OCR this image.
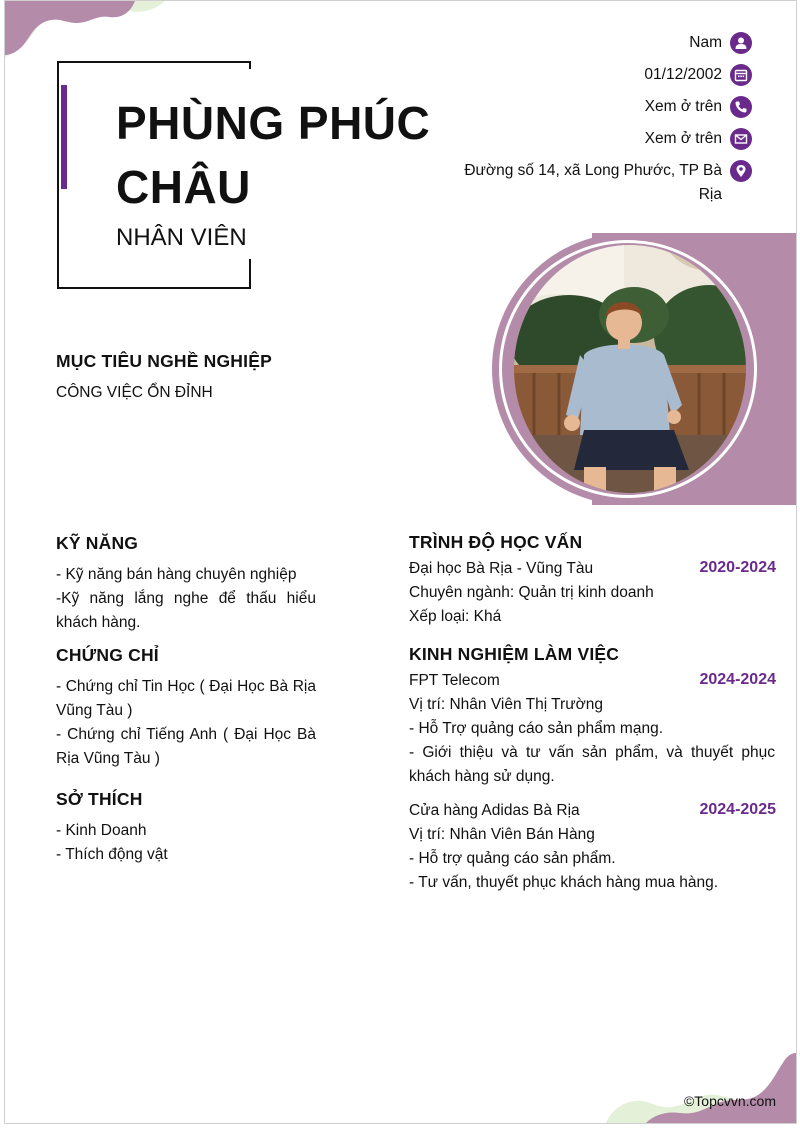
PHÙNG PHÚC CHÂU
NHÂN VIÊN
Nam
01/12/2002
Xem ở trên
Xem ở trên
Đường số 14, xã Long Phước, TP Bà Rịa
MỤC TIÊU NGHỀ NGHIỆP
CÔNG VIỆC ỔN ĐỈNH
KỸ NĂNG
- Kỹ năng bán hàng chuyên nghiệp
-Kỹ năng lắng nghe để thấu hiểu khách hàng.
CHỨNG CHỈ
- Chứng chỉ Tin Học ( Đại Học Bà Rịa Vũng Tàu )
- Chứng chỉ Tiếng Anh ( Đại Học Bà Rịa Vũng Tàu )
SỞ THÍCH
- Kinh Doanh
- Thích động vật
TRÌNH ĐỘ HỌC VẤN
Đại học Bà Rịa - Vũng Tàu	2020-2024
Chuyên ngành: Quản trị kinh doanh
Xếp loại: Khá
KINH NGHIỆM LÀM VIỆC
FPT Telecom	2024-2024
Vị trí: Nhân Viên Thị Trường
- Hỗ Trợ quảng cáo sản phẩm mạng.
- Giới thiệu và tư vấn sản phẩm, và thuyết phục khách hàng sử dụng.
Cửa hàng Adidas Bà Rịa	2024-2025
Vị trí: Nhân Viên Bán Hàng
- Hỗ trợ quảng cáo sản phẩm.
- Tư vấn, thuyết phục khách hàng mua hàng.
©Topcvvn.com
